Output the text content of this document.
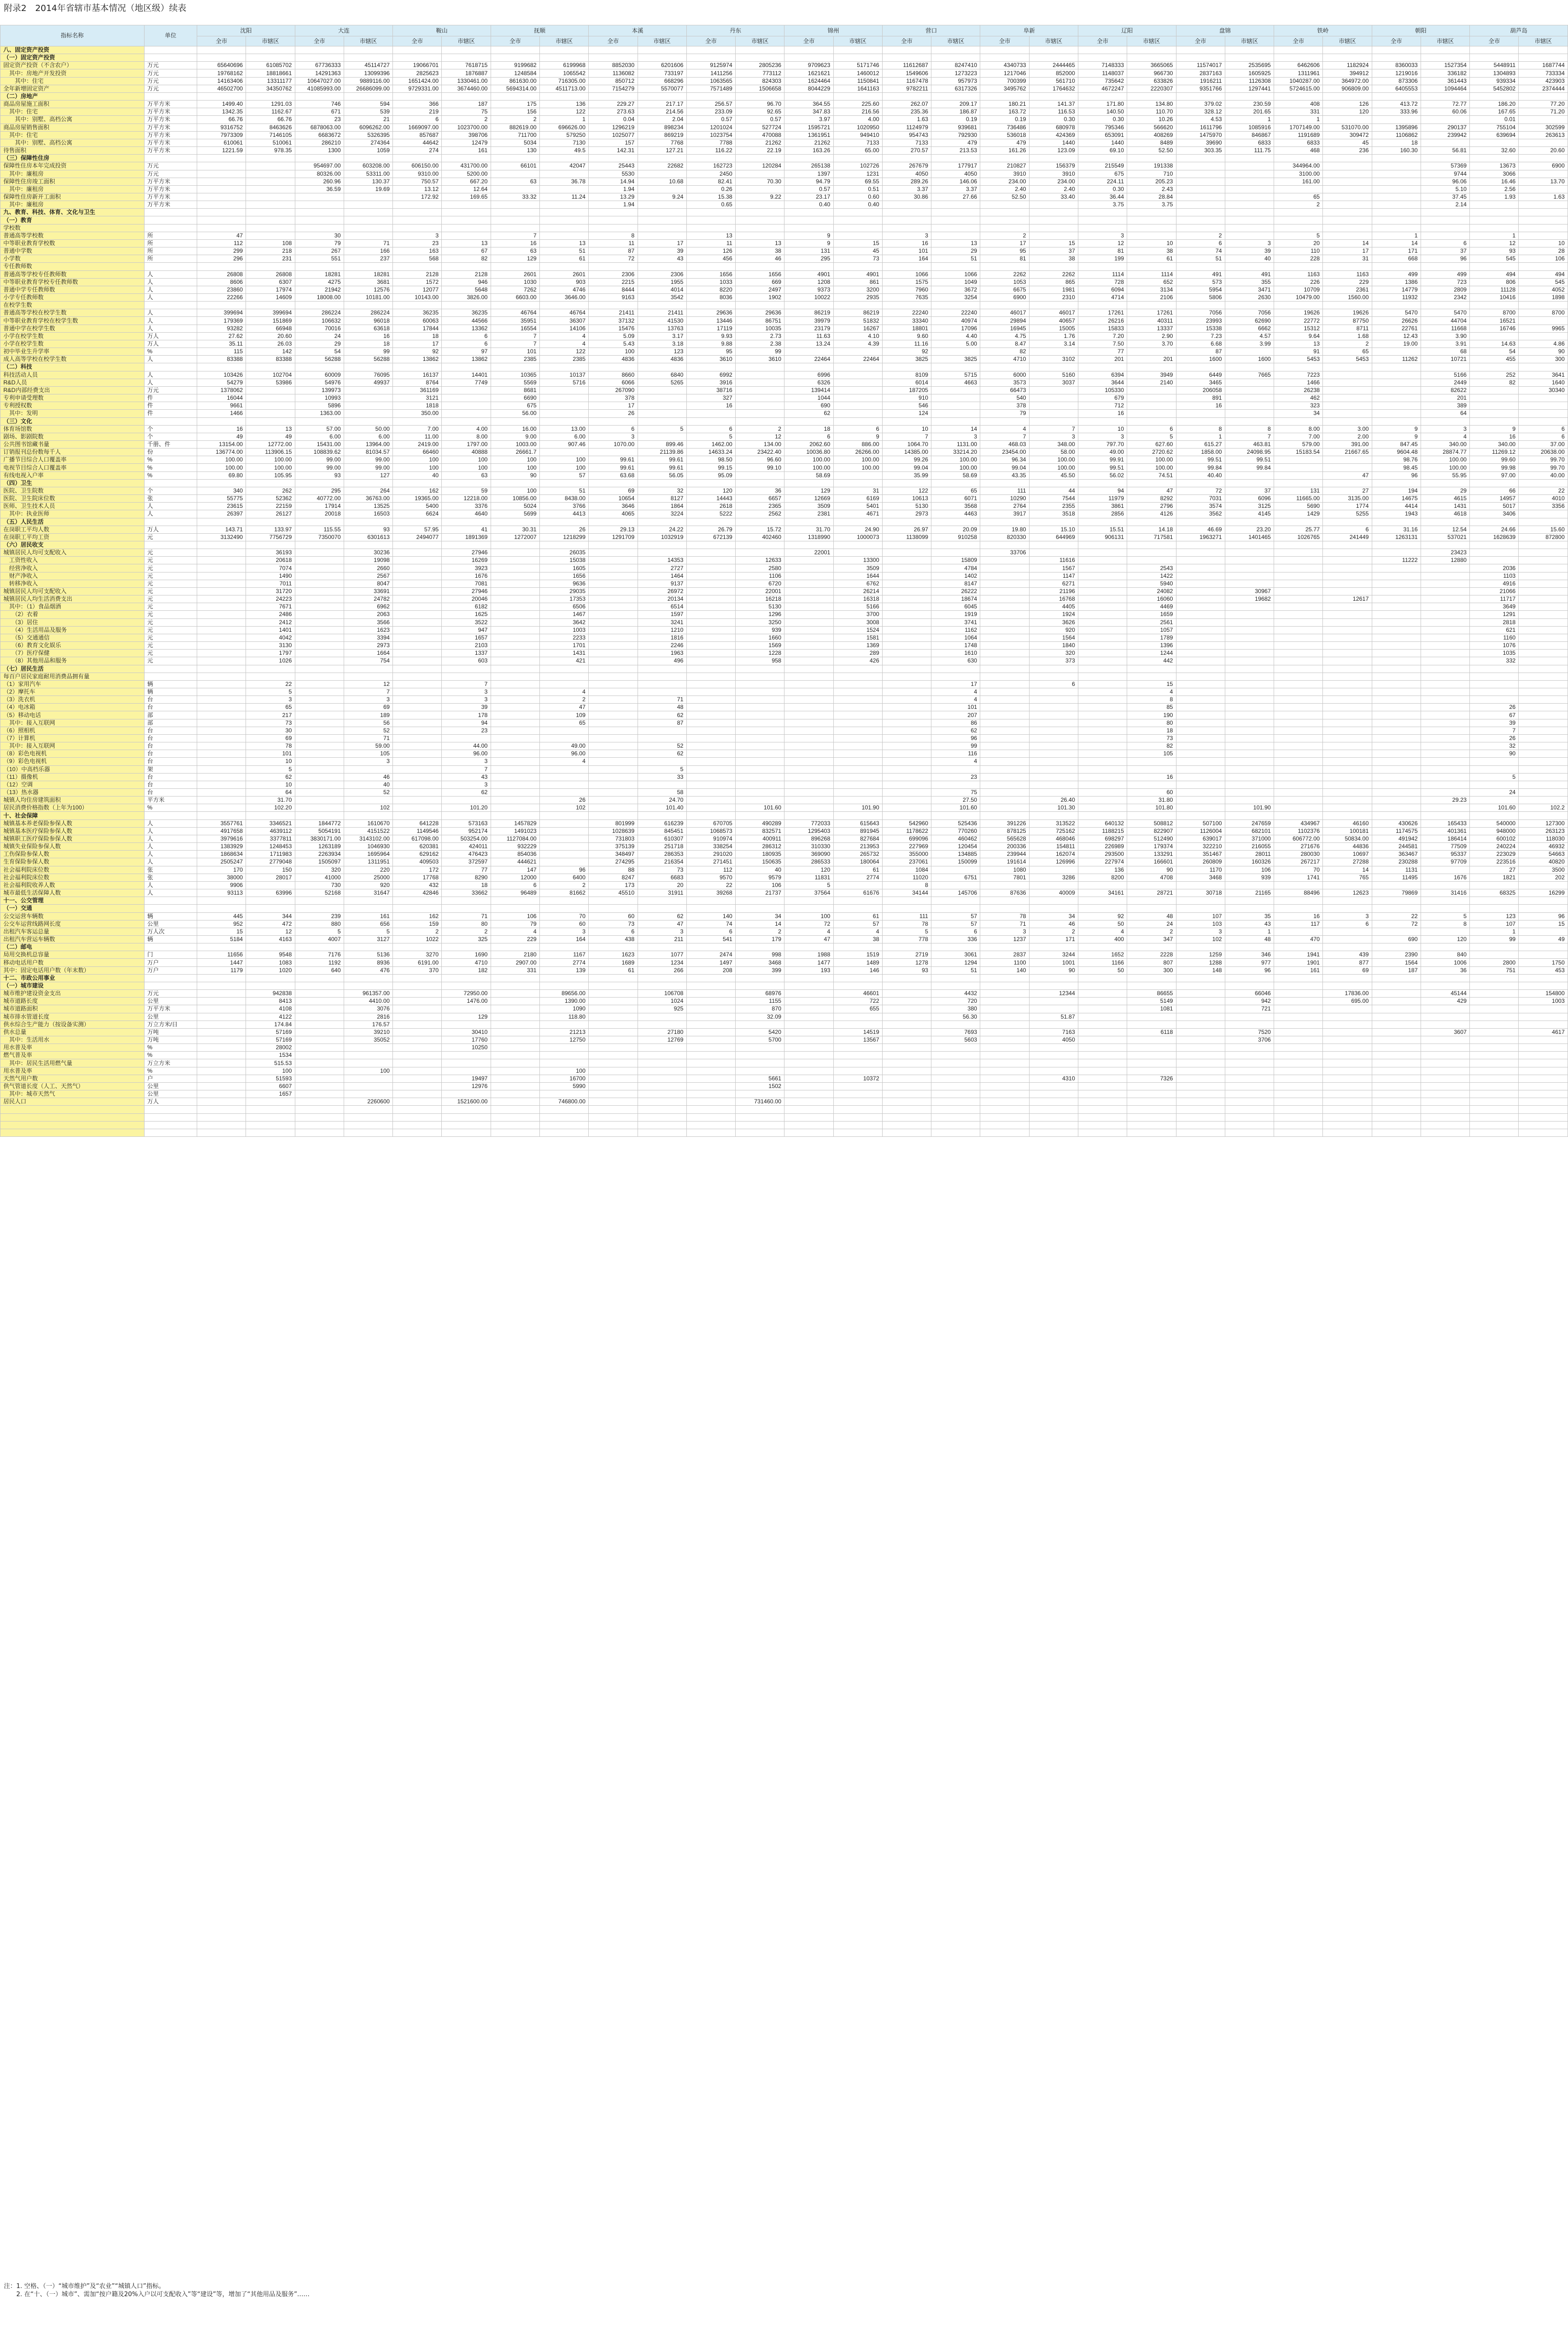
附录2　2014年省辖市基本情况（地区级）续表
指标名称	单位	沈阳		大连		鞍山		抚顺		本溪		丹东		锦州		营口		阜新		辽阳		盘锦		铁岭		朝阳		葫芦岛	
		全市	市辖区	全市	市辖区	全市	市辖区	全市	市辖区	全市	市辖区	全市	市辖区	全市	市辖区	全市	市辖区	全市	市辖区	全市	市辖区	全市	市辖区	全市	市辖区	全市	市辖区	全市	市辖区
八、固定资产投资																													
（一）固定资产投资																													
固定资产投资（不含农户）	万元	65640696	61085702	67736333	45114727	19066701	7618715	9199682	6199968	8852030	6201606	9125974	2805236	9709623	5171746	11612687	8247410	4340733	2444465	7148333	3665065	11574017	2535695	6462606	1182924	8360033	1527354	5448911	1687744
　其中：房地产开发投资	万元	19768162	18818661	14291363	13099396	2825623	1876887	1248584	1065542	1136082	733197	1411256	773112	1621621	1460012	1549606	1273223	1217046	852000	1148037	966730	2837163	1605925	1311961	394912	1219016	336182	1304893	733334
　　其中：住宅	万元	14163406	13311177	10647027.00	9889116.00	1651424.00	1330461.00	861630.00	716305.00	850712	668296	1063565	824303	1624464	1150841	1167478	957973	700399	561710	735642	633826	1916211	1126308	1040287.00	364972.00	873306	361443	939334	423903
全年新增固定资产	万元	46502700	34350762	41085993.00	26686099.00	9729331.00	3674460.00	5694314.00	4511713.00	7154279	5570077	7571489	1506658	8044229	1641163	9782211	6317326	3495762	1764632	4672247	2220307	9351766	1297441	5724615.00	906809.00	6405553	1094464	5452802	2374444
（二）房地产																													
商品房屋施工面积	万平方米	1499.40	1291.03	746	594	366	187	175	136	229.27	217.17	256.57	96.70	364.55	225.60	262.07	209.17	180.21	141.37	171.80	134.80	379.02	230.59	408	126	413.72	72.77	186.20	77.20
　其中：住宅	万平方米	1342.35	1162.67	671	539	219	75	156	122	273.63	214.56	233.09	92.65	347.83	216.56	235.36	186.87	163.72	116.53	140.50	110.70	328.12	201.65	331	120	333.96	60.06	167.65	71.20
　　其中：别墅、高档公寓	万平方米	66.76	66.76	23	21	6	2	2	1	0.04	2.04	0.57	0.57	3.97	4.00	1.63	0.19	0.19	0.30	0.30	10.26	4.53	1	1				0.01	
商品房屋销售面积	万平方米	9316752	8463626	6878063.00	6096262.00	1669097.00	1023700.00	882619.00	696626.00	1296219	898234	1201024	527724	1595721	1020950	1124979	939681	736486	680978	795346	566620	1611796	1085916	1707149.00	531070.00	1395896	290137	755104	302599
　其中：住宅	万平方米	7973309	7146105	6683672	5326395	857687	398706	711700	579250	1025077	869219	1023754	470088	1361951	949410	954743	792930	536018	424369	653091	408269	1475970	846867	1191689	309472	1106862	239942	639694	263613
　　其中：别墅、高档公寓	万平方米	610061	510061	286210	274364	44642	12479	5034	7130	157	7768	7788	21262	21262	7133	7133	479	479	1440	1440	8489	39690	6833	6833	45	18			
待售面积	万平方米	1221.59	978.35	1300	1059	274	161	130	49.5	142.31	127.21	116.22	22.19	163.26	65.00	270.57	213.53	161.26	123.09	69.10	52.50	303.35	111.75	468	236	160.30	56.81	32.60	20.60
（三）保障性住房																													
保障性住房本年完成投资	万元			954697.00	603208.00	606150.00	431700.00	66101	42047	25443	22682	162723	120284	265138	102726	267679	177917	210827	156379	215549	191338			344964.00			57369	13673	6900
　其中：廉租房	万元			80326.00	53311.00	9310.00	5200.00			5530		2450		1397	1231	4050	4050	3910	3910	675	710			3100.00			9744	3066	
保障性住房竣工面积	万平方米			260.96	130.37	750.57	667.20	63	36.78	14.94	10.68	82.41	70.30	94.79	69.55	289.26	146.06	234.00	234.00	224.11	205.23			161.00			96.06	16.46	13.70
　其中：廉租房	万平方米			36.59	19.69	13.12	12.64			1.94		0.26		0.57	0.51	3.37	3.37	2.40	2.40	0.30	2.43						5.10	2.56	
保障性住房新开工面积	万平方米					172.92	169.65	33.32	11.24	13.29	9.24	15.38	9.22	23.17	0.60	30.86	27.66	52.50	33.40	36.44	28.84			65			37.45	1.93	1.63
　其中：廉租房	万平方米									1.94		0.65		0.40	0.40					3.75	3.75			2			2.14		
九、教育、科技、体育、文化与卫生																													
（一）教育																													
学校数																													
普通高等学校数	所	47		30		3		7		8		13		9		3		2		3		2		5		1		1	
中等职业教育学校数	所	112	108	79	71	23	13	16	13	11	17	11	13	9	15	16	13	17	15	12	10	6	3	20	14	14	6	12	10
普通中学数	所	299	218	267	166	163	67	63	51	87	39	126	38	131	45	101	29	95	37	81	38	74	39	110	17	171	37	93	28
小学数	所	296	231	551	237	568	82	129	61	72	43	456	46	295	73	164	51	81	38	199	61	51	40	228	31	668	96	545	106
专任教师数																													
普通高等学校专任教师数	人	26808	26808	18281	18281	2128	2128	2601	2601	2306	2306	1656	1656	4901	4901	1066	1066	2262	2262	1114	1114	491	491	1163	1163	499	499	494	494
中等职业教育学校专任教师数	人	8606	6307	4275	3681	1572	946	1030	903	2215	1955	1033	669	1208	861	1575	1049	1053	865	728	652	573	355	226	229	1386	723	806	545
普通中学专任教师数	人	23860	17974	21942	12576	12077	5648	7262	4746	8444	4014	8220	2497	9373	3200	7960	3672	6675	1981	6094	3134	5954	3471	10709	2361	14779	2809	11128	4052
小学专任教师数	人	22266	14609	18008.00	10181.00	10143.00	3826.00	6603.00	3646.00	9163	3542	8036	1902	10022	2935	7635	3254	6900	2310	4714	2106	5806	2630	10479.00	1560.00	11932	2342	10416	1898
在校学生数																													
普通高等学校在校学生数	人	399694	399694	286224	286224	36235	36235	46764	46764	21411	21411	29636	29636	86219	86219	22240	22240	46017	46017	17261	17261	7056	7056	19626	19626	5470	5470	8700	8700
中等职业教育学校在校学生数	人	179369	151869	106632	96018	60063	44566	35951	36307	37132	41530	13446	86751	39979	51832	33340	40974	29894	40657	26216	40311	23993	62690	22772	87750	26626	44704	16521	
普通中学在校学生数	人	93282	66948	70016	63618	17844	13362	16554	14106	15476	13763	17119	10035	23179	16267	18801	17096	16945	15005	15833	13337	15338	6662	15312	8711	22761	11668	16746	9965
小学在校学生数	万人	27.62	20.60	24	16	18	6	7	4	5.09	3.17	9.93	2.73	11.63	4.10	9.60	4.40	4.75	1.76	7.20	2.90	7.23	4.57	9.64	1.68	12.43	3.90		
小学在校学生数	万人	35.11	26.03	29	18	17	6	7	4	5.43	3.18	9.88	2.38	13.24	4.39	11.16	5.00	8.47	3.14	7.50	3.70	6.68	3.99	13	2	19.00	3.91	14.63	4.86
初中毕业生升学率	%	115	142	54	99	92	97	101	122	100	123	95	99			92		82		77		87		91	65		68	54	90
成人高等学校在校学生数	人	83388	83388	56288	56288	13862	13862	2385	2385	4836	4836	3610	3610	22464	22464	3825	3825	4710	3102	201	201	1600	1600	5453	5453	11262	10721	455	300
（二）科技																													
科技活动人员	人	103426	102704	60009	76095	16137	14401	10365	10137	8660	6840	6992		6996		8109	5715	6000	5160	6394	3949	6449	7665	7223			5166	252	3641
R&D人员	人	54279	53986	54976	49937	8764	7749	5569	5716	6066	5265	3916		6326		6014	4663	3573	3037	3644	2140	3465		1466			2449	82	1640
R&D内部经费支出	万元	1378062		139973		361169		8681		267090		38716		139414		187205		66473		105330		206058		26238			82622		30340
专利申请受理数	件	16044		10993		3121		6690		378		327		1044		910		540		679		891		462			201		
专利授权数	件	9661		5896		1818		675		17		16		690		546		378		712		16		323			389		
　其中：发明	件	1466		1363.00		350.00		56.00		26				62		124		79		16				34			64		
（三）文化																													
体育场馆数	个	16	13	57.00	50.00	7.00	4.00	16.00	13.00	6	5	6	2	18	6	10	14	4	7	10	6	8	8	8.00	3.00	9	3	9	6
剧场、影剧院数	个	49	49	6.00	6.00	11.00	8.00	9.00	6.00	3		5	12	6	9	7	3	7	3	3	5	1	7	7.00	2.00	9	4	16	6
公共图书馆藏书量	千册、件	13154.00	12772.00	15431.00	13964.00	2419.00	1797.00	1003.00	907.46	1070.00	899.46	1462.00	134.00	2062.60	886.00	1064.70	1131.00	468.03	348.00	797.70	627.60	615.27	463.81	579.00	391.00	847.45	340.00	340.00	37.00
订销报刊总份数每千人	份	136774.00	113906.15	108839.62	81034.57	66460	40888	26661.7			21139.86	14633.24	23422.40	10036.80	26266.00	14385.00	33214.20	23454.00	58.00	49.00	2720.62	1858.00	24098.95	15183.54	21667.65	9604.48	28874.77	11269.12	20638.00
广播节目综合人口覆盖率	%	100.00	100.00	99.00	99.00	100	100	100	100	99.61	99.61	98.50	96.60	100.00	100.00	99.26	100.00	96.34	100.00	99.91	100.00	99.51	99.51			98.76	100.00	99.60	99.70
电视节目综合人口覆盖率	%	100.00	100.00	99.00	99.00	100	100	100	100	99.61	99.61	99.15	99.10	100.00	100.00	99.04	100.00	99.04	100.00	99.51	100.00	99.84	99.84			98.45	100.00	99.98	99.70
有线电视入户率	%	69.80	105.95	93	127	40	63	90	57	63.68	56.05	95.09		58.69		35.99	58.69	43.35	45.50	56.02	74.51	40.40			47	96	55.95	97.00	40.00
（四）卫生																													
医院、卫生院数	个	340	262	295	264	162	59	100	51	69	32	120	36	129	31	122	65	111	44	94	47	72	37	131	27	194	29	66	22
医院、卫生院床位数	张	55775	52362	40772.00	36763.00	19365.00	12218.00	10856.00	8438.00	10654	8127	14443	6657	12669	6169	10613	6071	10290	7544	11979	8292	7031	6096	11665.00	3135.00	14675	4615	14957	4010
医师、卫生技术人员	人	23615	22159	17914	13525	5400	3376	5024	3766	3646	1864	2618	2365	3509	5401	5130	3568	2764	2355	3861	2796	3574	3125	5690	1774	4414	1431	5017	3356
　其中：执业医师	人	26397	26127	20018	16503	6624	4640	5699	4413	4065	3224	5222	2562	2381	4671	2973	4463	3917	3518	2856	4126	3562	4145	1429	5255	1943	4618	3406	
（五）人民生活																													
在岗职工平均人数	万人	143.71	133.97	115.55	93	57.95	41	30.31	26	29.13	24.22	26.79	15.72	31.70	24.90	26.97	20.09	19.80	15.10	15.51	14.18	46.69	23.20	25.77	6	31.16	12.54	24.66	15.60
在岗职工平均工资	元	3132490	7756729	7350070	6301613	2494077	1891369	1272007	1218299	1291709	1032919	672139	402460	1318990	1000073	1138099	910258	820330	644969	906131	717581	1963271	1401465	1026765	241449	1263131	537021	1628639	872800
（六）居民收支																													
城镇居民人均可支配收入	元		36193		30236		27946		26035					22001				33706									23423		
　工资性收入	元		20618		19098		16269		15038		14353		12633		13300		15809		11616							11222	12880		
　经营净收入	元		7074		2660		3923		1605		2727		2580		3509		4784		1567		2543							2036	
　财产净收入	元		1490		2567		1676		1656		1464		1106		1644		1402		1147		1422							1103	
　转移净收入	元		7011		8047		7081		9636		9137		6720		6762		8147		6271		5940							4916	
城镇居民人均可支配收入	元		31720		33691		27946		29035		26972		22001		26214		26222		21196		24082		30967					21066	
城镇居民人均生活消费支出	元		24223		24782		20046		17353		20134		16218		16318		18674		16768		16060		19682		12617			11717	
　其中：（1）食品烟酒	元		7671		6962		6182		6506		6514		5130		5166		6045		4405		4469							3649	
　　（2）衣着	元		2486		2063		1625		1467		1597		1296		3700		1919		1924		1659							1291	
　　（3）居住	元		2412		3566		3522		3642		3241		3250		3008		3741		3626		2561							2818	
　　（4）生活用品及服务	元		1401		1623		947		1003		1210		939		1524		1162		920		1057							621	
　　（5）交通通信	元		4042		3394		1657		2233		1816		1660		1581		1064		1564		1789							1160	
　　（6）教育文化娱乐	元		3130		2973		2103		1701		2246		1569		1369		1748		1840		1396							1076	
　　（7）医疗保健	元		1797		1664		1337		1431		1963		1228		289		1610		320		1244							1035	
　　（8）其他用品和服务	元		1026		754		603		421		496		958		426		630		373		442							332	
（七）居民生活																													
每百户居民家庭耐用消费品拥有量																													
（1）家用汽车	辆		22		12		7										17		6		15								
（2）摩托车	辆		5		7		3		4								4				4								
（3）洗衣机	台		3		3		3		2		71						4				8								
（4）电冰箱	台		65		69		39		47		48						101				85							26	
（5）移动电话	部		217		189		178		109		62						207				190							67	
　其中：接入互联网	部		73		56		94		65		87						86				80							39	
（6）照相机	台		30		52		23										62				18							7	
（7）计算机	台		69		71												96				73							26	
　其中：接入互联网	台		78		59.00		44.00		49.00		52						99				82							32	
（8）彩色电视机	台		101		105		96.00		96.00		62						116				105							90	
（9）彩色电视机	台		10		3		3		4								4												
（10）中高档乐器	架		5				7				5																		
（11）摄像机	台		62		46		43				33						23				16							5	
（12）空调	台		10		40		3																						
（13）热水器	台		64		52		62				58						75				60							24	
城镇人均住房建筑面积	平方米		31.70						26		24.70						27.50		26.40		31.80						29.23		
居民消费价格指数（上年为100）	%		102.20		102		101.20		102		101.40		101.60		101.90		101.60		101.30		101.80		101.90					101.60	102.2
十、社会保障																													
城镇基本养老保险参保人数	人	3557761	3346521	1844772	1610670	641228	573163	1457829		801999	616239	670705	490289	772033	615643	542960	525436	391226	313522	640132	508812	507100	247659	434967	46160	430626	165433	540000	127300
城镇基本医疗保险参保人数	人	4917658	4639112	5054191	4151522	1149546	952174	1491023		1028639	845451	1068573	832571	1295403	891945	1178622	770260	878125	725162	1188215	822907	1126004	682101	1102376	100181	1174575	401361	948000	263123
城镇职工医疗保险参保人数	人	3979616	3377811	3830171.00	3143102.00	617098.00	503254.00	1127084.00		731803	610307	910974	400911	896268	827684	699096	460462	565628	468046	698297	512490	639017	371000	606772.00	50834.00	491942	186414	600102	118030
城镇失业保险参保人数	人	1383929	1248453	1263189	1046930	620381	424011	932229		375139	251718	338254	286312	310330	213953	227969	120454	200336	154811	226989	179374	322210	216055	271676	44836	244581	77509	240224	46932
工伤保险参保人数	人	1868634	1711983	2263934	1695964	629162	476423	854036		348497	286353	291020	180935	369090	265732	355000	134885	239944	162074	293500	133291	351467	28011	280030	10697	363467	95337	223029	54663
生育保险参保人数	人	2505247	2779048	1505097	1311951	409503	372597	444621		274295	216354	271451	150635	286533	180064	237061	150099	191614	126996	227974	166601	260809	160326	267217	27288	230288	97709	223516	40820
社会福利院床位数	张	170	150	320	220	172	77	147	96	88	73	112	40	120	61	1084		1080		136	90	1170	106	70	14	1131		27	3500
社会福利院床位数	张	38000	28017	41000	25000	17768	8290	12000	6400	8247	6683	9570	9579	11831	2774	11020	6751	7801	3286	8200	4708	3468	939	1741	765	11495	1676	1821	202
社会福利院收养人数	人	9906		730	920	432	18	6	2	173	20	22	106	5		8													
城市最低生活保障人数	人	93113	63996	52168	31647	42846	33662	96489	81662	45510	31911	39268	21737	37564	61676	34144	145706	87636	40009	34161	28721	30718	21165	88496	12623	79869	31416	68325	16299
十一、公交管理																													
（一）交通																													
公交运营车辆数	辆	445	344	239	161	162	71	106	70	60	62	140	34	100	61	111	57	78	34	92	48	107	35	16	3	22	5	123	96
公交车运营线路网长度	公里	952	472	880	656	159	80	79	60	73	47	74	14	72	57	78	57	71	46	50	24	103	43	117	6	72	8	107	15
出租汽车客运总量	万人次	15	12	5	5	2	2	4	3	6	3	6	2	4	4	5	6	3	2	4	2	3	1					1	
出租汽车营运车辆数	辆	5184	4163	4007	3127	1022	325	229	164	438	211	541	179	47	38	778	336	1237	171	400	347	102	48	470		690	120	99	49
（二）邮电																													
局用交换机总容量	门	11656	9548	7176	5136	3270	1690	2180	1167	1623	1077	2474	998	1988	1519	2719	3061	2837	3244	1652	2228	1259	346	1941	439	2390	840		
移动电话用户数	万户	1447	1083	1192	8936	6191.00	4710	2907.00	2774	1689	1234	1497	3468	1477	1489	1278	1294	1100	1001	1166	807	1288	977	1901	877	1564	1006	2800	1750
其中：固定电话用户数（年末数）	万户	1179	1020	640	476	370	182	331	139	61	266	208	399	193	146	93	51	140	90	50	300	148	96	161	69	187	36	751	453
十二、市政公用事业																													
（一）城市建设																													
城市维护建设资金支出	万元		942838		961357.00		72950.00		89656.00		106708		68976		46601		4432		12344		86655		66046		17836.00		45144		154800
城市道路长度	公里		8413		4410.00		1476.00		1390.00		1024		1155		722		720				5149		942		695.00		429		1003
城市道路面积	万平方米		4108		3076				1090		925		870		655		380				1081		721						
城市排水管道长度	公里		4122		2816		129		118.80				32.09				56.30		51.87										
供水综合生产能力（按设备实测）	万立方米/日		174.84		176.57																								
供水总量	万吨		57169		39210		30410		21213		27180		5420		14519		7693		7163		6118		7520				3607		4617
　其中：生活用水	万吨		57169		35052		17760		12750		12769		5700		13567		5603		4050				3706						
用水普及率	%		28002				10250																						
燃气普及率	%		1534																										
　其中：居民生活用燃气量	万立方米		515.53																										
用水普及率	%		100		100				100																				
天然气用户数	户		51593				19497		16700				5661		10372				4310		7326								
供气管道长度（人工、天然气）	公里		6607				12976		5990				1502																
　其中：城市天然气	公里		1657																										
居民人口	万人				2260600		1521600.00		746800.00				731460.00																

注：1. 空格、（一）“城市维护”及“农业”“城镇人口”指标。
　　2. 在“十、（一）城市”、需加“按户籍及20%入户以可支配收入”等“建设”等，增加了“其他用品及服务”……
